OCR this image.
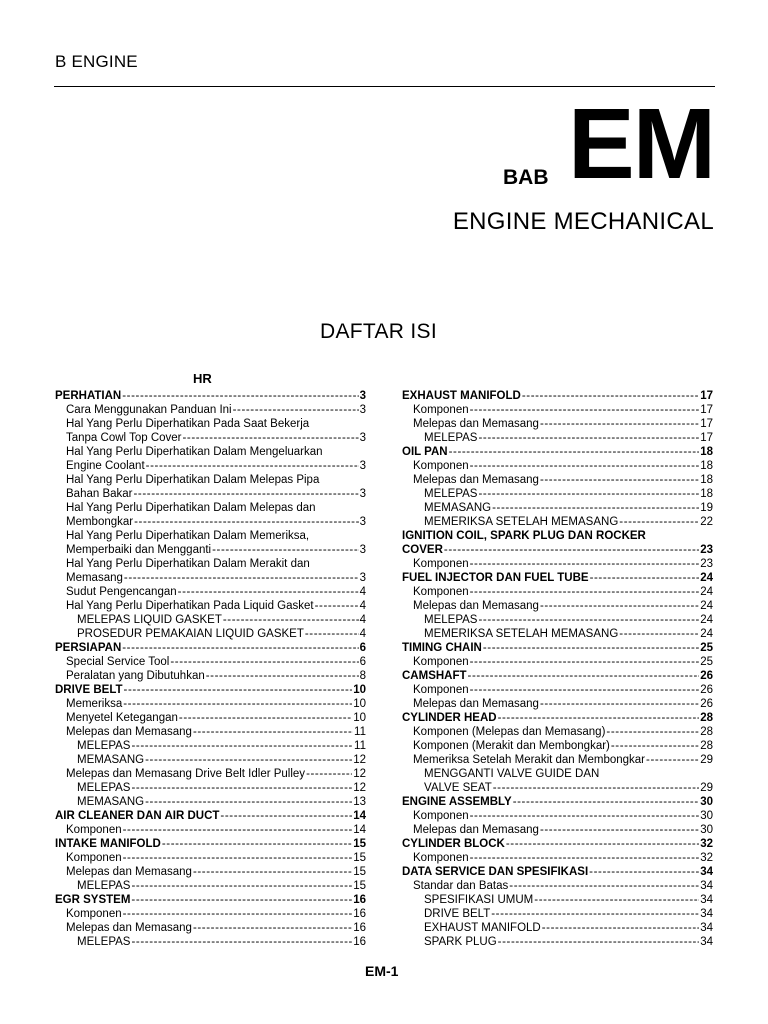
B ENGINE
BAB EM
ENGINE MECHANICAL
DAFTAR ISI
HR
PERHATIAN -----	3
Cara Menggunakan Panduan Ini -----	3
Hal Yang Perlu Diperhatikan Pada Saat Bekerja
Tanpa Cowl Top Cover -----	3
Hal Yang Perlu Diperhatikan Dalam Mengeluarkan
Engine Coolant -----	3
Hal Yang Perlu Diperhatikan Dalam Melepas Pipa
Bahan Bakar -----	3
Hal Yang Perlu Diperhatikan Dalam Melepas dan
Membongkar -----	3
Hal Yang Perlu Diperhatikan Dalam Memeriksa,
Memperbaiki dan Mengganti -----	3
Hal Yang Perlu Diperhatikan Dalam Merakit dan
Memasang -----	3
Sudut Pengencangan -----	4
Hal Yang Perlu Diperhatikan Pada Liquid Gasket -----	4
MELEPAS LIQUID GASKET -----	4
PROSEDUR PEMAKAIAN LIQUID GASKET -----	4
PERSIAPAN -----	6
Special Service Tool -----	6
Peralatan yang Dibutuhkan -----	8
DRIVE BELT -----	10
Memeriksa -----	10
Menyetel Ketegangan -----	10
Melepas dan Memasang -----	11
MELEPAS -----	11
MEMASANG -----	12
Melepas dan Memasang Drive Belt Idler Pulley -----	12
MELEPAS -----	12
MEMASANG -----	13
AIR CLEANER DAN AIR DUCT -----	14
Komponen -----	14
INTAKE MANIFOLD -----	15
Komponen -----	15
Melepas dan Memasang -----	15
MELEPAS -----	15
EGR SYSTEM -----	16
Komponen -----	16
Melepas dan Memasang -----	16
MELEPAS -----	16
EXHAUST MANIFOLD -----	17
Komponen -----	17
Melepas dan Memasang -----	17
MELEPAS -----	17
OIL PAN -----	18
Komponen -----	18
Melepas dan Memasang -----	18
MELEPAS -----	18
MEMASANG -----	19
MEMERIKSA SETELAH MEMASANG -----	22
IGNITION COIL, SPARK PLUG DAN ROCKER
COVER -----	23
Komponen -----	23
FUEL INJECTOR DAN FUEL TUBE -----	24
Komponen -----	24
Melepas dan Memasang -----	24
MELEPAS -----	24
MEMERIKSA SETELAH MEMASANG -----	24
TIMING CHAIN -----	25
Komponen -----	25
CAMSHAFT -----	26
Komponen -----	26
Melepas dan Memasang -----	26
CYLINDER HEAD -----	28
Komponen (Melepas dan Memasang) -----	28
Komponen (Merakit dan Membongkar) -----	28
Memeriksa Setelah Merakit dan Membongkar -----	29
MENGGANTI VALVE GUIDE DAN
VALVE SEAT -----	29
ENGINE ASSEMBLY -----	30
Komponen -----	30
Melepas dan Memasang -----	30
CYLINDER BLOCK -----	32
Komponen -----	32
DATA SERVICE DAN SPESIFIKASI -----	34
Standar dan Batas -----	34
SPESIFIKASI UMUM -----	34
DRIVE BELT -----	34
EXHAUST MANIFOLD -----	34
SPARK PLUG -----	34
EM-1
